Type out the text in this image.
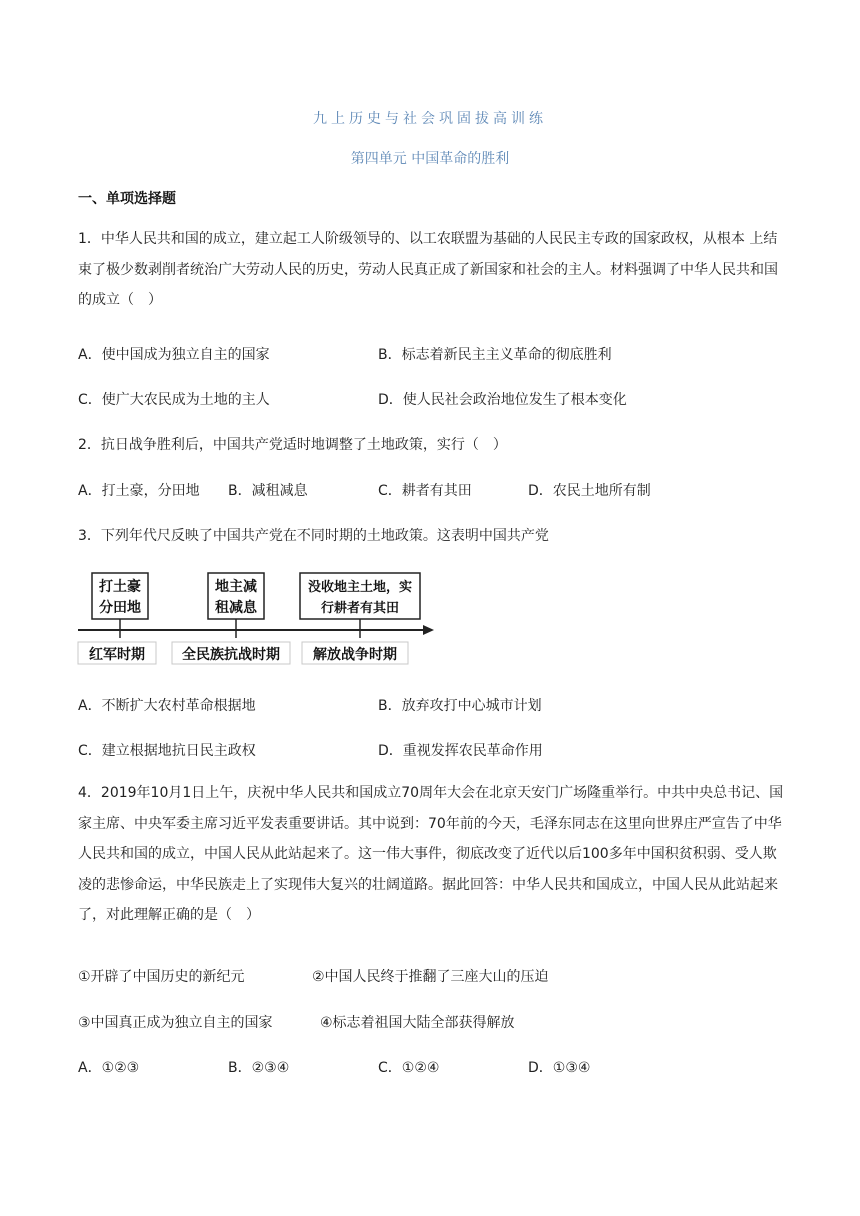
九上历史与社会巩固拔高训练
第四单元 中国革命的胜利
一、单项选择题
1．中华人民共和国的成立，建立起工人阶级领导的、以工农联盟为基础的人民民主专政的国家政权，从根本 上结束了极少数剥削者统治广大劳动人民的历史，劳动人民真正成了新国家和社会的主人。材料强调了中华人民共和国的成立（　）
A．使中国成为独立自主的国家	B．标志着新民主主义革命的彻底胜利
C．使广大农民成为土地的主人	D．使人民社会政治地位发生了根本变化
2．抗日战争胜利后，中国共产党适时地调整了土地政策，实行（　）
A．打土豪，分田地 B．减租减息	C．耕者有其田	D．农民土地所有制
3．下列年代尺反映了中国共产党在不同时期的土地政策。这表明中国共产党
打土豪
分田地
地主减
租减息
没收地主土地，实
行耕者有其田
红军时期	全民族抗战时期 解放战争时期
A．不断扩大农村革命根据地	B．放弃攻打中心城市计划
C．建立根据地抗日民主政权	D．重视发挥农民革命作用
4．2019年10月1日上午，庆祝中华人民共和国成立70周年大会在北京天安门广场隆重举行。中共中央总书记、国家主席、中央军委主席习近平发表重要讲话。其中说到：70年前的今天，毛泽东同志在这里向世界庄严宣告了中华人民共和国的成立，中国人民从此站起来了。这一伟大事件，彻底改变了近代以后100多年中国积贫积弱、受人欺凌的悲惨命运，中华民族走上了实现伟大复兴的壮阔道路。据此回答：中华人民共和国成立，中国人民从此站起来了，对此理解正确的是（　）
①开辟了中国历史的新纪元	②中国人民终于推翻了三座大山的压迫
③中国真正成为独立自主的国家	④标志着祖国大陆全部获得解放
A．①②③	B．②③④	C．①②④	D．①③④
